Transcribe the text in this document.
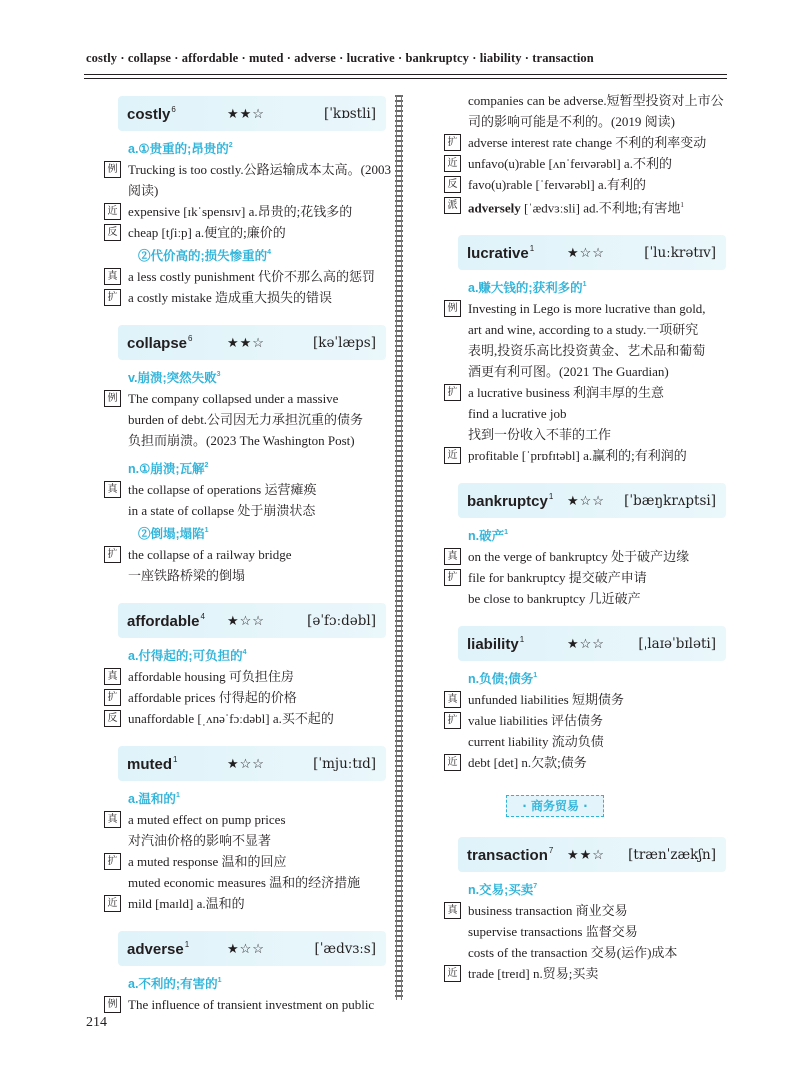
costly · collapse · affordable · muted · adverse · lucrative · bankruptcy · liability · transaction
costly$^6$	★★☆	[ˈkɒstli]
a.①贵重的;昂贵的$^2$
例 Trucking is too costly.公路运输成本太高。(2003 阅读)
近 expensive [ɪkˈspensɪv] a.昂贵的;花钱多的
反 cheap [tʃiːp] a.便宜的;廉价的
②代价高的;损失惨重的$^4$
真 a less costly punishment 代价不那么高的惩罚
扩 a costly mistake 造成重大损失的错误
collapse$^6$	★★☆	[kəˈlæps]
v.崩溃;突然失败$^3$
例 The company collapsed under a massive
burden of debt.公司因无力承担沉重的债务
负担而崩溃。(2023 The Washington Post)
n.①崩溃;瓦解$^2$
真 the collapse of operations 运营瘫痪
in a state of collapse 处于崩溃状态
②倒塌;塌陷$^1$
扩 the collapse of a railway bridge
一座铁路桥梁的倒塌
affordable$^4$	★☆☆	[əˈfɔːdəbl]
a.付得起的;可负担的$^4$
真 affordable housing 可负担住房
扩 affordable prices 付得起的价格
反 unaffordable [ˌʌnəˈfɔːdəbl] a.买不起的
muted$^1$	★☆☆	[ˈmjuːtɪd]
a.温和的$^1$
真 a muted effect on pump prices
对汽油价格的影响不显著
扩 a muted response 温和的回应
muted economic measures 温和的经济措施
近 mild [maɪld] a.温和的
adverse$^1$	★☆☆	[ˈædvɜːs]
a.不利的;有害的$^1$
例 The influence of transient investment on public
companies can be adverse.短暂型投资对上市公
司的影响可能是不利的。(2019 阅读)
扩 adverse interest rate change 不利的利率变动
近 unfavo(u)rable [ʌnˈfeɪvərəbl] a.不利的
反 favo(u)rable [ˈfeɪvərəbl] a.有利的
派 adversely [ˈædvɜːsli] ad.不利地;有害地$^1$
lucrative$^1$	★☆☆	[ˈluːkrətɪv]
a.赚大钱的;获利多的$^1$
例 Investing in Lego is more lucrative than gold,
art and wine, according to a study.一项研究
表明,投资乐高比投资黄金、艺术品和葡萄
酒更有利可图。(2021 The Guardian)
扩 a lucrative business 利润丰厚的生意
find a lucrative job
找到一份收入不菲的工作
近 profitable [ˈprɒfɪtəbl] a.赢利的;有利润的
bankruptcy$^1$	★☆☆	[ˈbæŋkrʌptsi]
n.破产$^1$
真 on the verge of bankruptcy 处于破产边缘
扩 file for bankruptcy 提交破产申请
be close to bankruptcy 几近破产
liability$^1$	★☆☆	[ˌlaɪəˈbɪləti]
n.负债;债务$^1$
真 unfunded liabilities 短期债务
扩 value liabilities 评估债务
current liability 流动负债
近 debt [det] n.欠款;债务
· 商务贸易 ·
transaction$^7$	★★☆	[trænˈzækʃn]
n.交易;买卖$^7$
真 business transaction 商业交易
supervise transactions 监督交易
costs of the transaction 交易(运作)成本
近 trade [treɪd] n.贸易;买卖
214
